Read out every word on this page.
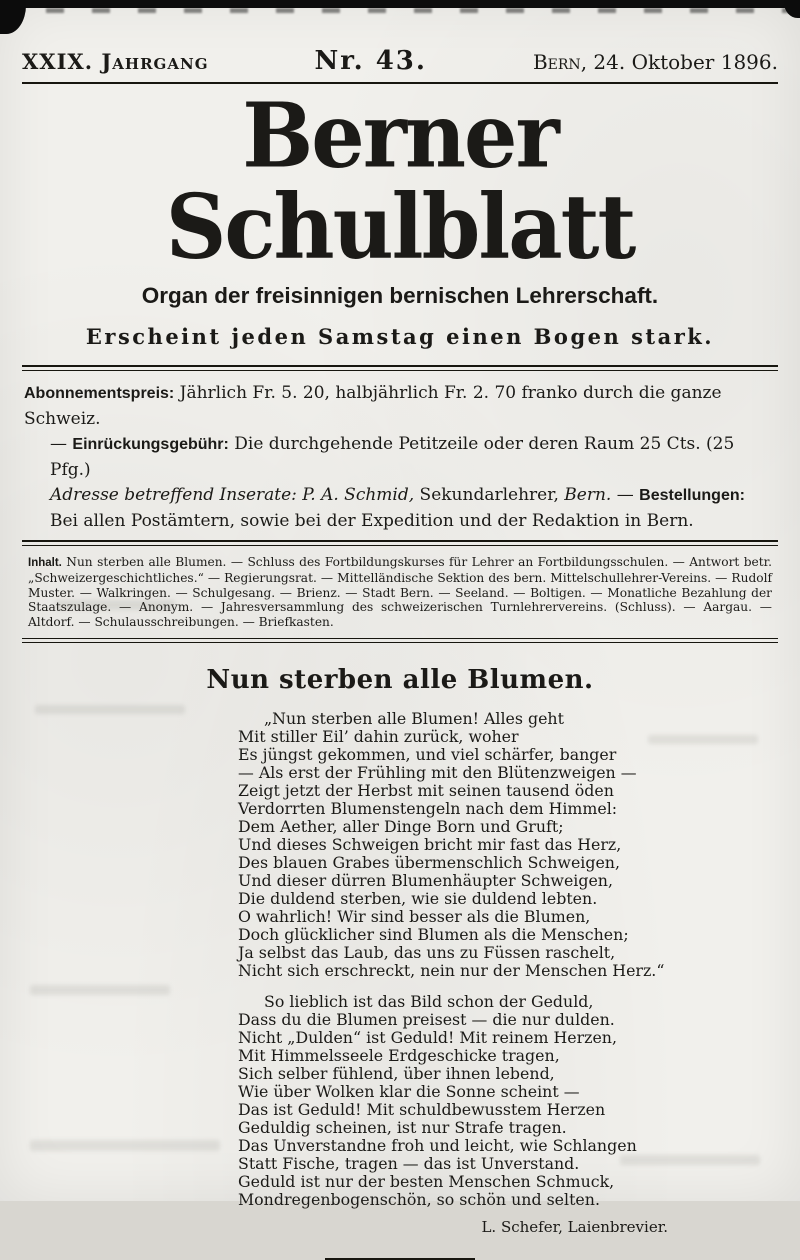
XXIX. Jahrgang	Nr. 43.	Bern, 24. Oktober 1896.
Berner Schulblatt
Organ der freisinnigen bernischen Lehrerschaft.
Erscheint jeden Samstag einen Bogen stark.
Abonnementspreis: Jährlich Fr. 5. 20, halbjährlich Fr. 2. 70 franko durch die ganze Schweiz.
— Einrückungsgebühr: Die durchgehende Petitzeile oder deren Raum 25 Cts. (25 Pfg.)
Adresse betreffend Inserate: P. A. Schmid, Sekundarlehrer, Bern. — Bestellungen:
Bei allen Postämtern, sowie bei der Expedition und der Redaktion in Bern.
Inhalt. Nun sterben alle Blumen. — Schluss des Fortbildungskurses für Lehrer an Fortbildungsschulen. — Antwort betr. „Schweizergeschichtliches.“ — Regierungsrat. — Mittelländische Sektion des bern. Mittelschullehrer-Vereins. — Rudolf Muster. — Walkringen. — Schulgesang. — Brienz. — Stadt Bern. — Seeland. — Boltigen. — Monatliche Bezahlung der Staatszulage. — Anonym. — Jahresversammlung des schweizerischen Turnlehrervereins. (Schluss). — Aargau. — Altdorf. — Schulausschreibungen. — Briefkasten.
Nun sterben alle Blumen.
„Nun sterben alle Blumen! Alles geht
Mit stiller Eil’ dahin zurück, woher
Es jüngst gekommen, und viel schärfer, banger
— Als erst der Frühling mit den Blütenzweigen —
Zeigt jetzt der Herbst mit seinen tausend öden
Verdorrten Blumenstengeln nach dem Himmel:
Dem Aether, aller Dinge Born und Gruft;
Und dieses Schweigen bricht mir fast das Herz,
Des blauen Grabes übermenschlich Schweigen,
Und dieser dürren Blumenhäupter Schweigen,
Die duldend sterben, wie sie duldend lebten.
O wahrlich! Wir sind besser als die Blumen,
Doch glücklicher sind Blumen als die Menschen;
Ja selbst das Laub, das uns zu Füssen raschelt,
Nicht sich erschreckt, nein nur der Menschen Herz.“
So lieblich ist das Bild schon der Geduld,
Dass du die Blumen preisest — die nur dulden.
Nicht „Dulden“ ist Geduld! Mit reinem Herzen,
Mit Himmelsseele Erdgeschicke tragen,
Sich selber fühlend, über ihnen lebend,
Wie über Wolken klar die Sonne scheint —
Das ist Geduld! Mit schuldbewusstem Herzen
Geduldig scheinen, ist nur Strafe tragen.
Das Unverstandne froh und leicht, wie Schlangen
Statt Fische, tragen — das ist Unverstand.
Geduld ist nur der besten Menschen Schmuck,
Mondregenbogenschön, so schön und selten.
L. Schefer, Laienbrevier.
